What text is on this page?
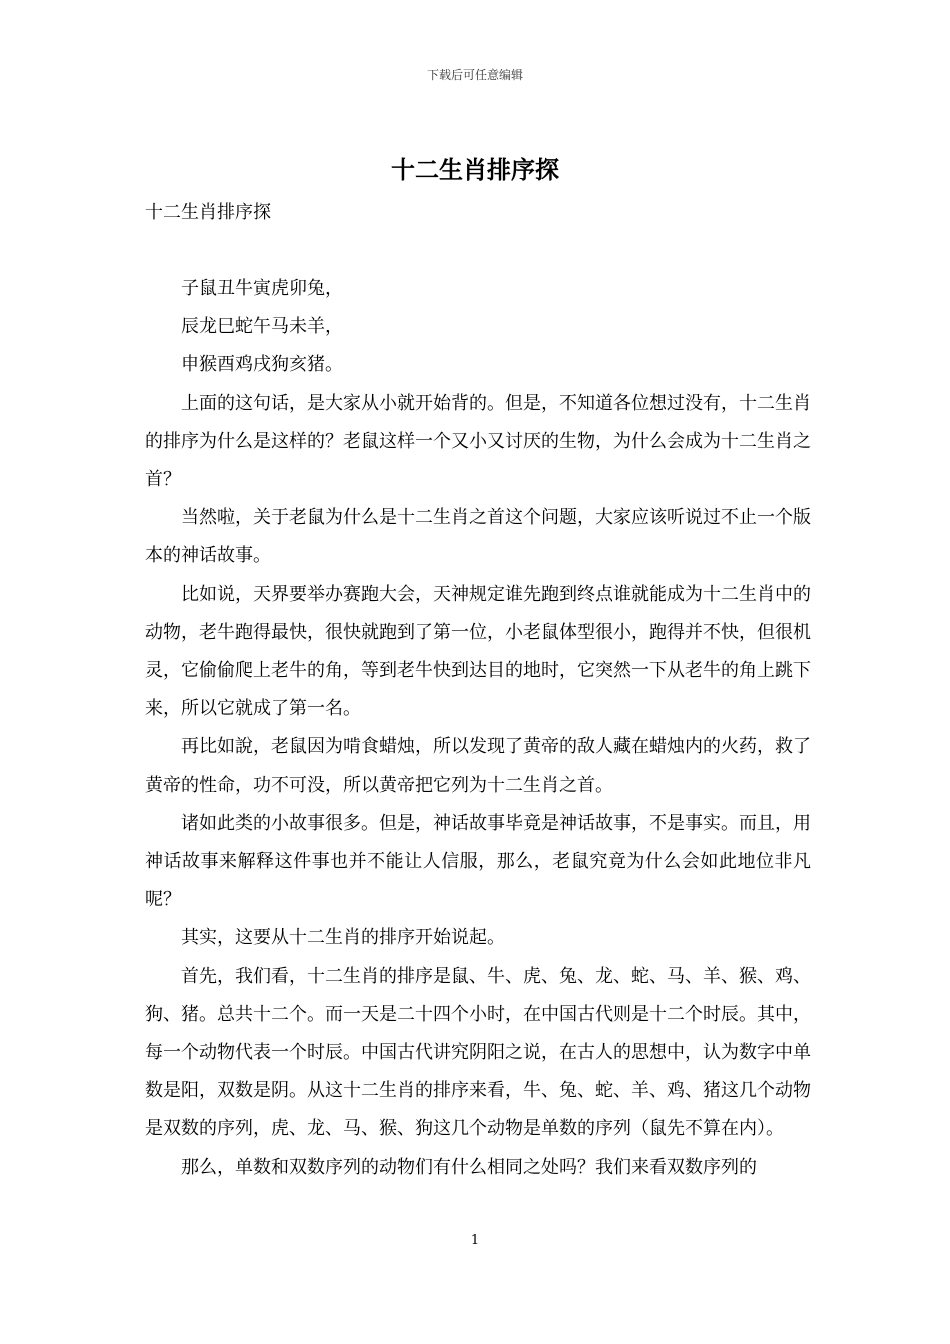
下载后可任意编辑
十二生肖排序探
十二生肖排序探

子鼠丑牛寅虎卯兔，

辰龙巳蛇午马未羊，

申猴酉鸡戌狗亥猪。

上面的这句话，是大家从小就开始背的。但是，不知道各位想过没有，十二生肖的排序为什么是这样的？老鼠这样一个又小又讨厌的生物，为什么会成为十二生肖之首？

当然啦，关于老鼠为什么是十二生肖之首这个问题，大家应该听说过不止一个版本的神话故事。

比如说，天界要举办赛跑大会，天神规定谁先跑到终点谁就能成为十二生肖中的动物，老牛跑得最快，很快就跑到了第一位，小老鼠体型很小，跑得并不快，但很机灵，它偷偷爬上老牛的角，等到老牛快到达目的地时，它突然一下从老牛的角上跳下来，所以它就成了第一名。

再比如說，老鼠因为啃食蜡烛，所以发现了黄帝的敌人藏在蜡烛内的火药，救了黄帝的性命，功不可没，所以黄帝把它列为十二生肖之首。

诸如此类的小故事很多。但是，神话故事毕竟是神话故事，不是事实。而且，用神话故事来解释这件事也并不能让人信服，那么，老鼠究竟为什么会如此地位非凡呢？

其实，这要从十二生肖的排序开始说起。

首先，我们看，十二生肖的排序是鼠、牛、虎、兔、龙、蛇、马、羊、猴、鸡、狗、猪。总共十二个。而一天是二十四个小时，在中国古代则是十二个时辰。其中，每一个动物代表一个时辰。中国古代讲究阴阳之说，在古人的思想中，认为数字中单数是阳，双数是阴。从这十二生肖的排序来看，牛、兔、蛇、羊、鸡、猪这几个动物是双数的序列，虎、龙、马、猴、狗这几个动物是单数的序列（鼠先不算在内）。

那么，单数和双数序列的动物们有什么相同之处吗？我们来看双数序列的

1
